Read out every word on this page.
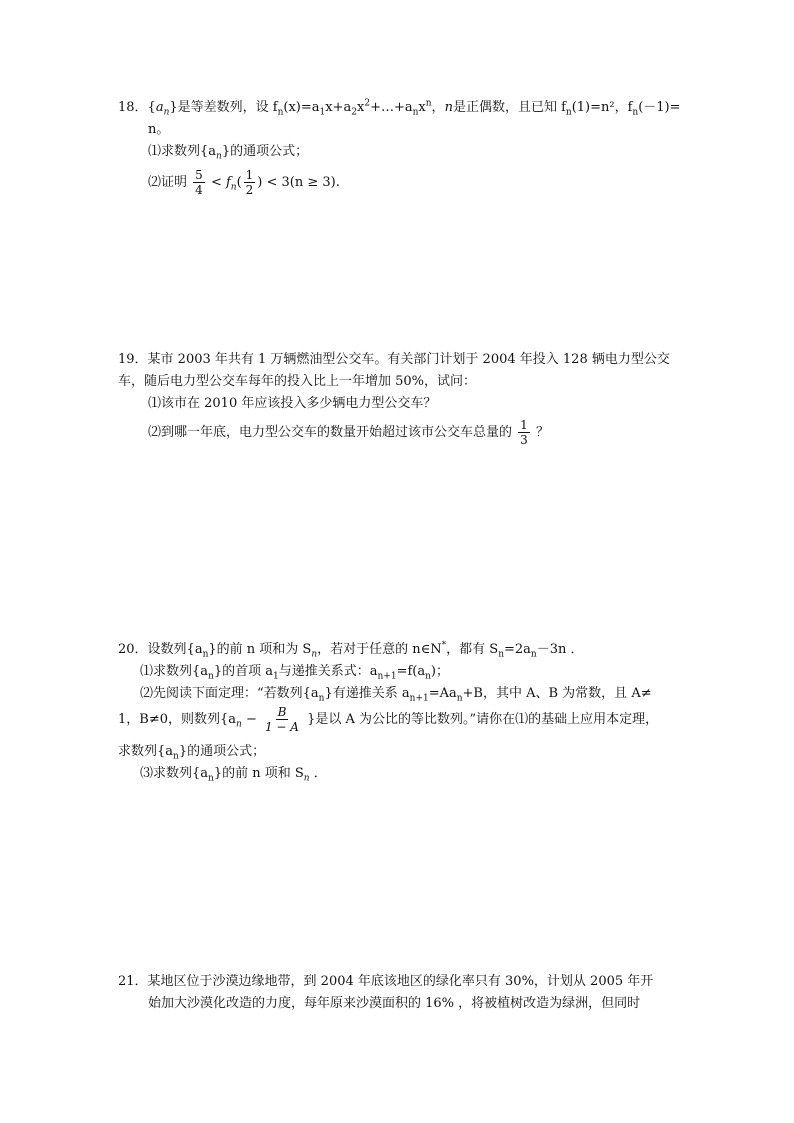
18．$\{a_n\}$是等差数列，设 $f_n(x)=a_1x+a_2x^2+\dots+a_nx^n$，n是正偶数，且已知 $f_n(1)=n^2$，$f_n(-1)=$
n。
⑴求数列$\{a_n\}$的通项公式；
⑵证明 $\frac{5}{4} < f_n( \frac{1}{2}$ ) < 3(n ≥ 3).
19．某市 2003 年共有 1 万辆燃油型公交车。有关部门计划于 2004 年投入 128 辆电力型公交
车，随后电力型公交车每年的投入比上一年增加 50%，试问：
⑴该市在 2010 年应该投入多少辆电力型公交车？
⑵到哪一年底，电力型公交车的数量开始超过该市公交车总量的 $\frac{1}{3}$ ？
20．设数列$\{a_n\}$的前 n 项和为 $S_n$，若对于任意的 n∈N*，都有 $S_n=2a_n-3n$ ．
⑴求数列$\{a_n\}$的首项 $a_1$与递推关系式：$a_{n+1}=f(a_n)$；
⑵先阅读下面定理：“若数列$\{a_n\}$有递推关系 $a_{n+1}=Aa_n+B$，其中 A、B 为常数，且 A≠
1，B≠0，则数列{$a_n - \frac{B}{1 - A}$ }是以 A 为公比的等比数列。”请你在⑴的基础上应用本定理，
求数列$\{a_n\}$的通项公式；
⑶求数列$\{a_n\}$的前 n 项和 $S_n$ ．
21．某地区位于沙漠边缘地带，到 2004 年底该地区的绿化率只有 30%，计划从 2005 年开
始加大沙漠化改造的力度，每年原来沙漠面积的 16% ，将被植树改造为绿洲，但同时
